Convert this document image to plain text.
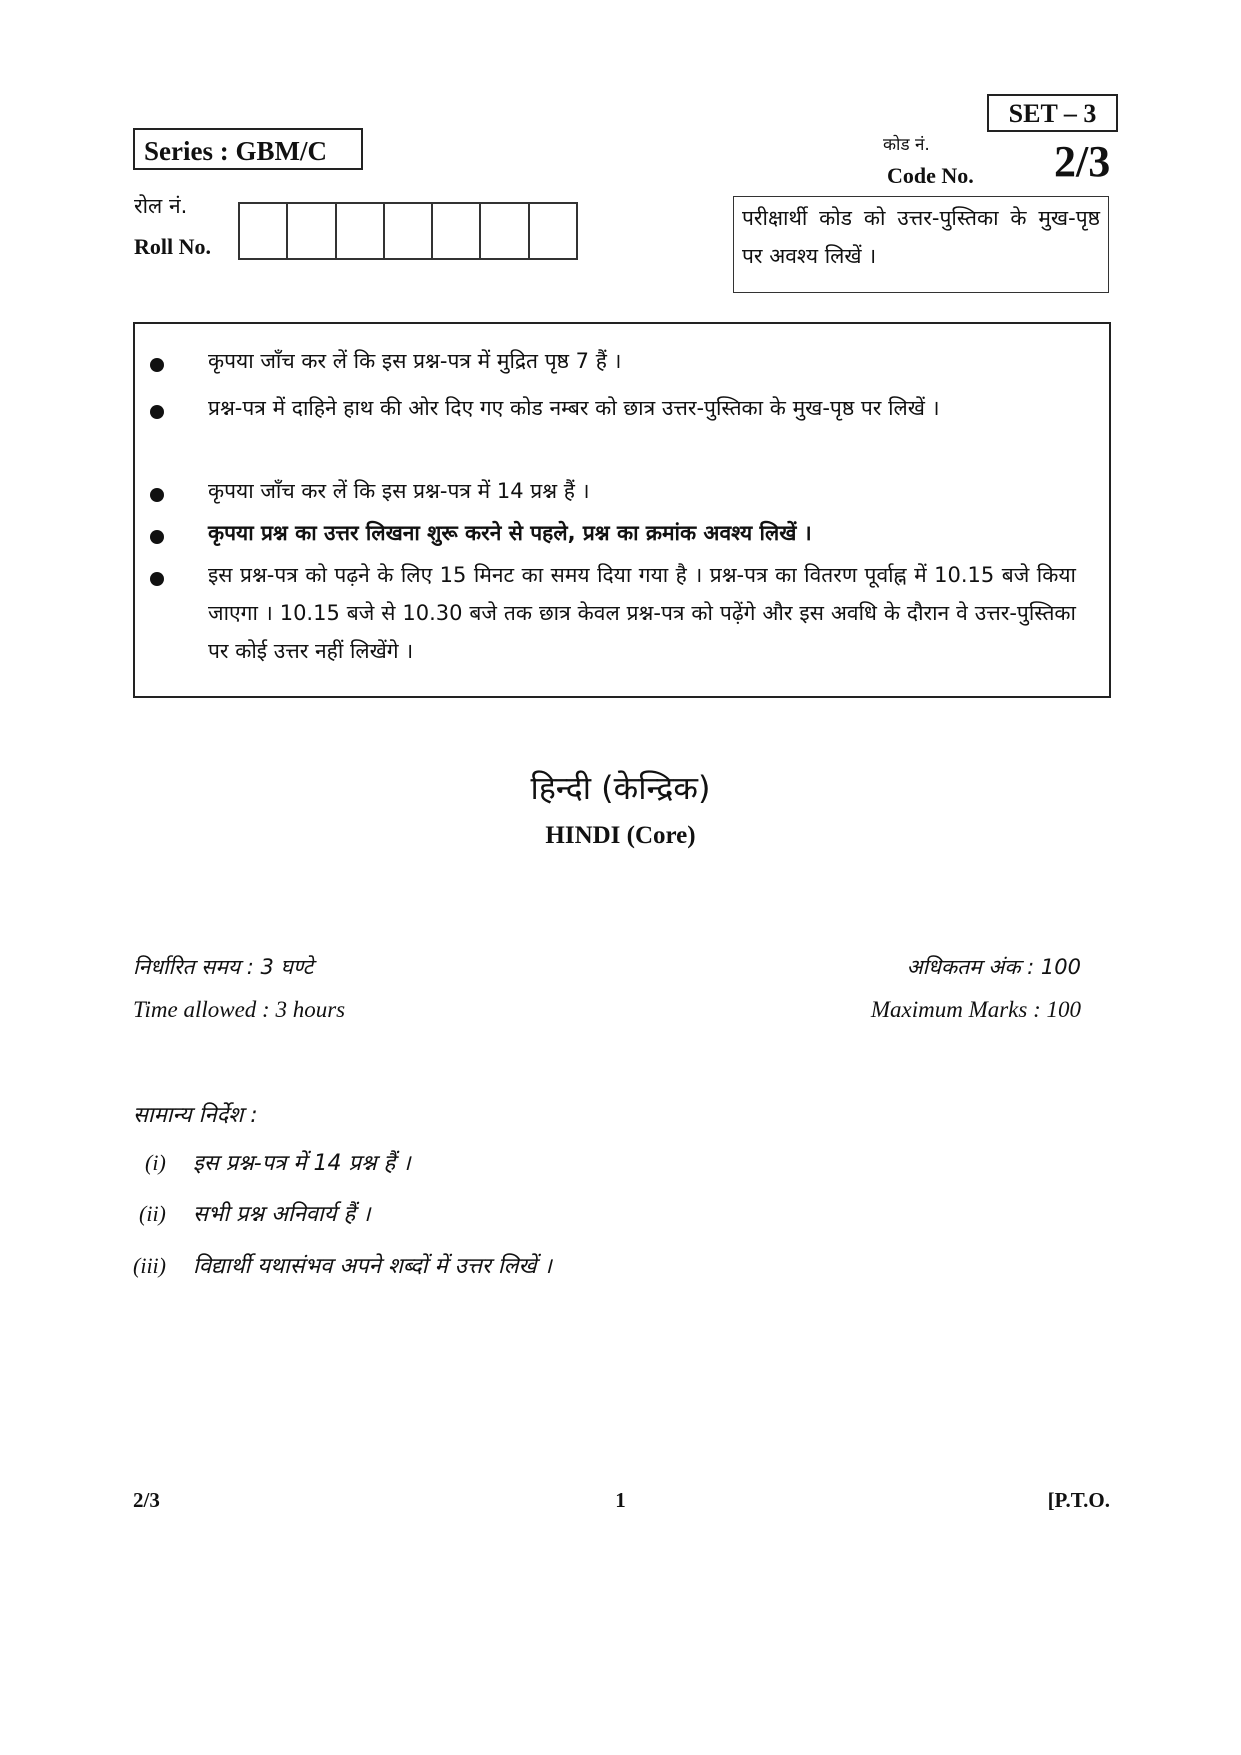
Series : GBM/C
SET – 3
कोड नं.
Code No. 2/3
रोल नं.
Roll No.
परीक्षार्थी कोड को उत्तर-पुस्तिका के मुख-पृष्ठ पर अवश्य लिखें ।
कृपया जाँच कर लें कि इस प्रश्न-पत्र में मुद्रित पृष्ठ 7 हैं ।
प्रश्न-पत्र में दाहिने हाथ की ओर दिए गए कोड नम्बर को छात्र उत्तर-पुस्तिका के मुख-पृष्ठ पर लिखें ।
कृपया जाँच कर लें कि इस प्रश्न-पत्र में 14 प्रश्न हैं ।
कृपया प्रश्न का उत्तर लिखना शुरू करने से पहले, प्रश्न का क्रमांक अवश्य लिखें ।
इस प्रश्न-पत्र को पढ़ने के लिए 15 मिनट का समय दिया गया है । प्रश्न-पत्र का वितरण पूर्वाह्न में 10.15 बजे किया जाएगा । 10.15 बजे से 10.30 बजे तक छात्र केवल प्रश्न-पत्र को पढ़ेंगे और इस अवधि के दौरान वे उत्तर-पुस्तिका पर कोई उत्तर नहीं लिखेंगे ।
हिन्दी (केन्द्रिक)
HINDI (Core)
निर्धारित समय : 3 घण्टे
Time allowed : 3 hours
अधिकतम अंक : 100
Maximum Marks : 100
सामान्य निर्देश :
(i) इस प्रश्न-पत्र में 14 प्रश्न हैं ।
(ii) सभी प्रश्न अनिवार्य हैं ।
(iii) विद्यार्थी यथासंभव अपने शब्दों में उत्तर लिखें ।
2/3	1	[P.T.O.
